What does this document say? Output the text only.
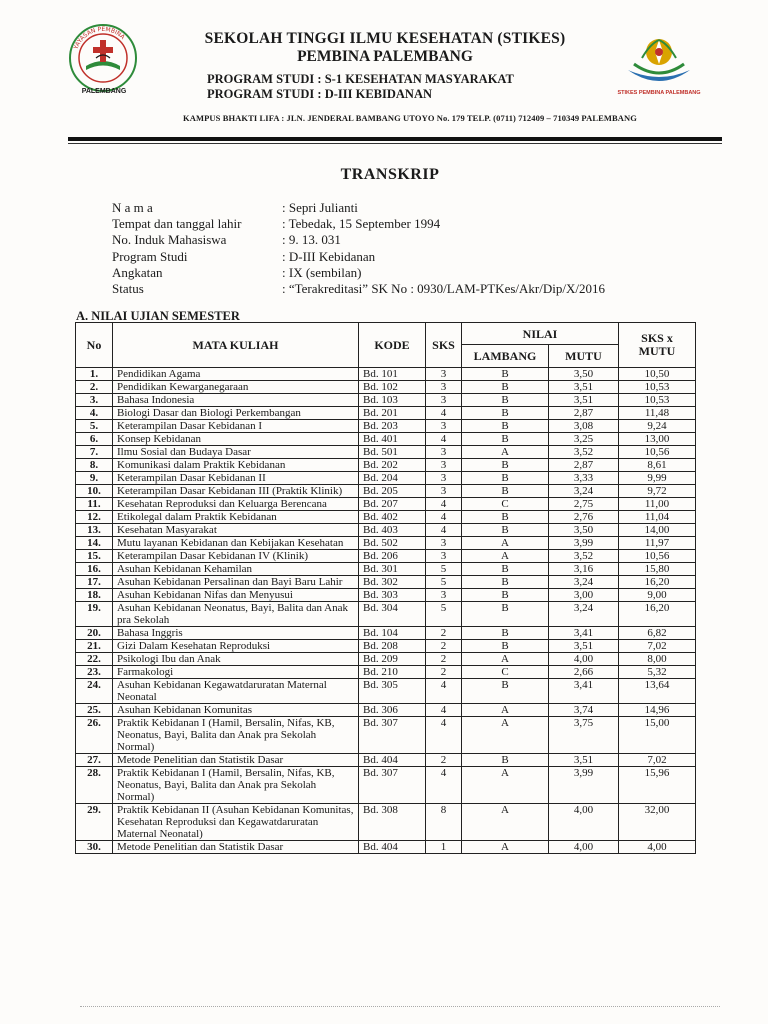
YAYASAN PEMBINA
PALEMBANG	STIKES PEMBINA PALEMBANG
SEKOLAH TINGGI ILMU KESEHATAN (STIKES)
PEMBINA PALEMBANG
PROGRAM STUDI : S-1 KESEHATAN MASYARAKAT
PROGRAM STUDI : D-III KEBIDANAN
KAMPUS BHAKTI LIFA : JLN. JENDERAL BAMBANG UTOYO No. 179 TELP. (0711) 712409 – 710349 PALEMBANG
TRANSKRIP
N a m a	: Sepri Julianti
Tempat dan tanggal lahir	: Tebedak, 15 September 1994
No. Induk Mahasiswa	: 9. 13. 031
Program Studi	: D-III Kebidanan
Angkatan	: IX (sembilan)
Status	: “Terakreditasi” SK No : 0930/LAM-PTKes/Akr/Dip/X/2016
A. NILAI UJIAN SEMESTER
No	MATA KULIAH	KODE	SKS	NILAI		SKS x MUTU
				LAMBANG	MUTU	
1.	Pendidikan Agama	Bd. 101	3	B	3,50	10,50
2.	Pendidikan Kewarganegaraan	Bd. 102	3	B	3,51	10,53
3.	Bahasa Indonesia	Bd. 103	3	B	3,51	10,53
4.	Biologi Dasar dan Biologi Perkembangan	Bd. 201	4	B	2,87	11,48
5.	Keterampilan Dasar Kebidanan I	Bd. 203	3	B	3,08	9,24
6.	Konsep Kebidanan	Bd. 401	4	B	3,25	13,00
7.	Ilmu Sosial dan Budaya Dasar	Bd. 501	3	A	3,52	10,56
8.	Komunikasi dalam Praktik Kebidanan	Bd. 202	3	B	2,87	8,61
9.	Keterampilan Dasar Kebidanan II	Bd. 204	3	B	3,33	9,99
10.	Keterampilan Dasar Kebidanan III (Praktik Klinik)	Bd. 205	3	B	3,24	9,72
11.	Kesehatan Reproduksi dan Keluarga Berencana	Bd. 207	4	C	2,75	11,00
12.	Etikolegal dalam Praktik Kebidanan	Bd. 402	4	B	2,76	11,04
13.	Kesehatan Masyarakat	Bd. 403	4	B	3,50	14,00
14.	Mutu layanan Kebidanan dan Kebijakan Kesehatan	Bd. 502	3	A	3,99	11,97
15.	Keterampilan Dasar Kebidanan IV (Klinik)	Bd. 206	3	A	3,52	10,56
16.	Asuhan Kebidanan Kehamilan	Bd. 301	5	B	3,16	15,80
17.	Asuhan Kebidanan Persalinan dan Bayi Baru Lahir	Bd. 302	5	B	3,24	16,20
18.	Asuhan Kebidanan Nifas dan Menyusui	Bd. 303	3	B	3,00	9,00
19.	Asuhan Kebidanan Neonatus, Bayi, Balita dan Anak pra Sekolah	Bd. 304	5	B	3,24	16,20
20.	Bahasa Inggris	Bd. 104	2	B	3,41	6,82
21.	Gizi Dalam Kesehatan Reproduksi	Bd. 208	2	B	3,51	7,02
22.	Psikologi Ibu dan Anak	Bd. 209	2	A	4,00	8,00
23.	Farmakologi	Bd. 210	2	C	2,66	5,32
24.	Asuhan Kebidanan Kegawatdaruratan Maternal Neonatal	Bd. 305	4	B	3,41	13,64
25.	Asuhan Kebidanan Komunitas	Bd. 306	4	A	3,74	14,96
26.	Praktik Kebidanan I (Hamil, Bersalin, Nifas, KB, Neonatus, Bayi, Balita dan Anak pra Sekolah Normal)	Bd. 307	4	A	3,75	15,00
27.	Metode Penelitian dan Statistik Dasar	Bd. 404	2	B	3,51	7,02
28.	Praktik Kebidanan I (Hamil, Bersalin, Nifas, KB, Neonatus, Bayi, Balita dan Anak pra Sekolah Normal)	Bd. 307	4	A	3,99	15,96
29.	Praktik Kebidanan II (Asuhan Kebidanan Komunitas, Kesehatan Reproduksi dan Kegawatdaruratan Maternal Neonatal)	Bd. 308	8	A	4,00	32,00
30.	Metode Penelitian dan Statistik Dasar	Bd. 404	1	A	4,00	4,00
